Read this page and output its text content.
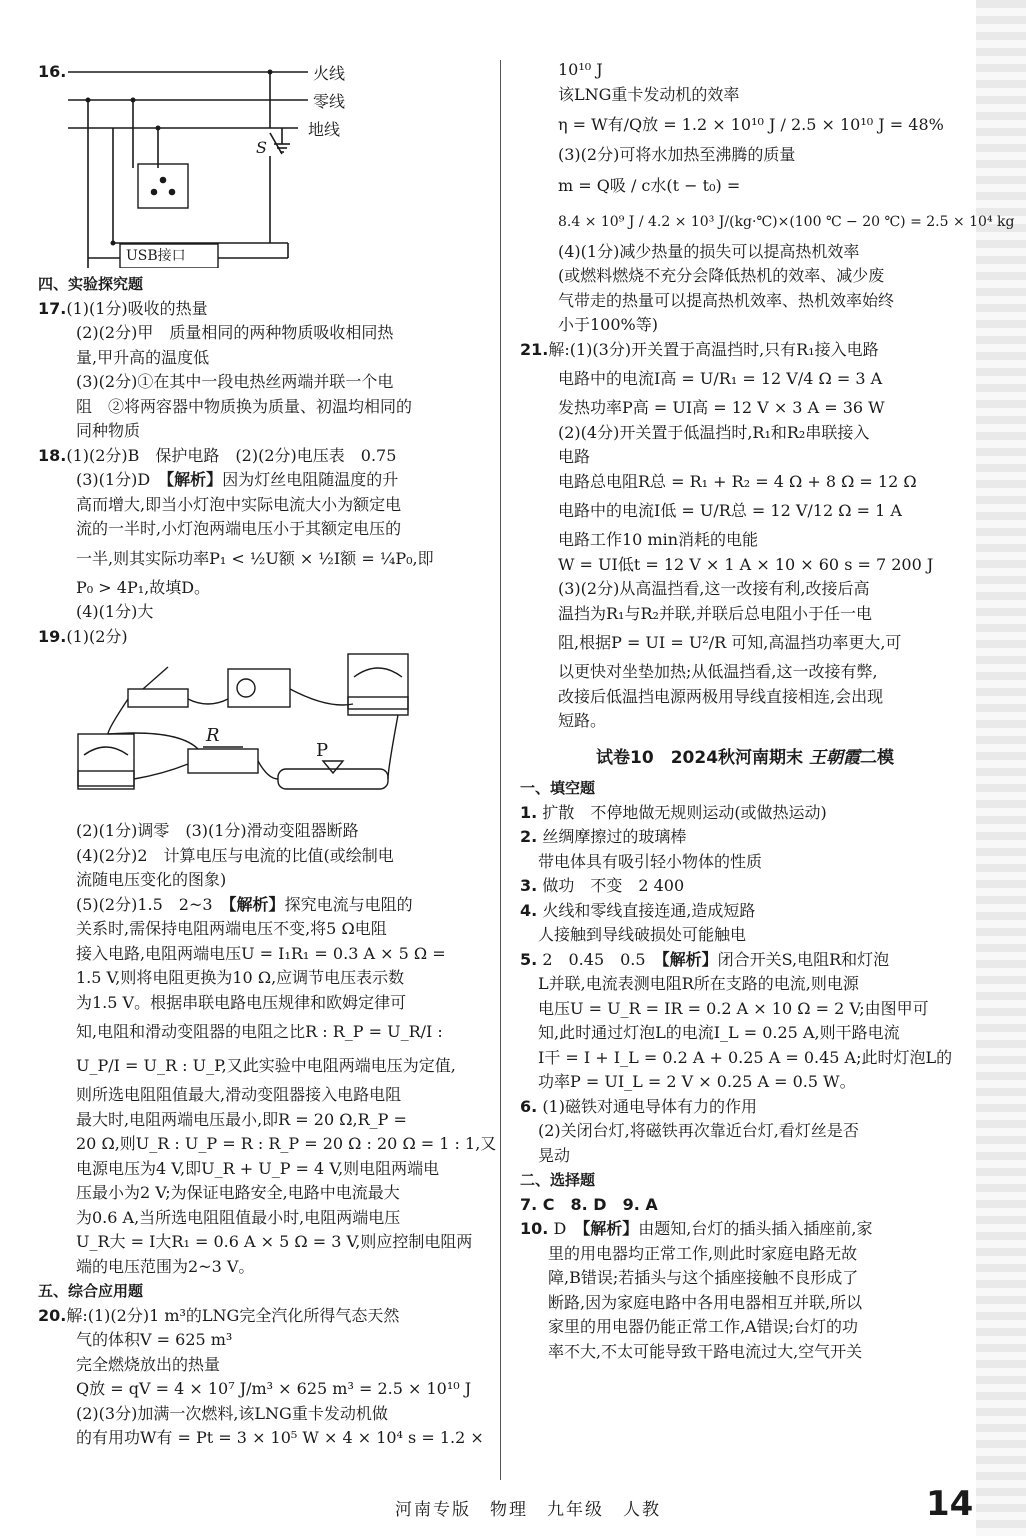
16.	火线
零线
地线
S
USB接口
四、实验探究题
17.(1)(1分)吸收的热量
(2)(2分)甲　质量相同的两种物质吸收相同热
量,甲升高的温度低
(3)(2分)①在其中一段电热丝两端并联一个电
阻　②将两容器中物质换为质量、初温均相同的
同种物质
18.(1)(2分)B　保护电路　(2)(2分)电压表　0.75
(3)(1分)D　【解析】因为灯丝电阻随温度的升
高而增大,即当小灯泡中实际电流大小为额定电
流的一半时,小灯泡两端电压小于其额定电压的
一半,则其实际功率P₁ < ½U额 × ½I额 = ¼P₀,即
P₀ > 4P₁,故填D。
(4)(1分)大
19.(1)(2分)
R
P
(2)(1分)调零　(3)(1分)滑动变阻器断路
(4)(2分)2　计算电压与电流的比值(或绘制电
流随电压变化的图象)
(5)(2分)1.5　2~3　【解析】探究电流与电阻的
关系时,需保持电阻两端电压不变,将5 Ω电阻
接入电路,电阻两端电压U = I₁R₁ = 0.3 A × 5 Ω =
1.5 V,则将电阻更换为10 Ω,应调节电压表示数
为1.5 V。根据串联电路电压规律和欧姆定律可
知,电阻和滑动变阻器的电阻之比R : R_P = U_R/I :
U_P/I = U_R : U_P,又此实验中电阻两端电压为定值,
则所选电阻阻值最大,滑动变阻器接入电路电阻
最大时,电阻两端电压最小,即R = 20 Ω,R_P =
20 Ω,则U_R : U_P = R : R_P = 20 Ω : 20 Ω = 1 : 1,又
电源电压为4 V,即U_R + U_P = 4 V,则电阻两端电
压最小为2 V;为保证电路安全,电路中电流最大
为0.6 A,当所选电阻阻值最小时,电阻两端电压
U_R大 = I大R₁ = 0.6 A × 5 Ω = 3 V,则应控制电阻两
端的电压范围为2~3 V。
五、综合应用题
20.解:(1)(2分)1 m³的LNG完全汽化所得气态天然
气的体积V = 625 m³
完全燃烧放出的热量
Q放 = qV = 4 × 10⁷ J/m³ × 625 m³ = 2.5 × 10¹⁰ J
(2)(3分)加满一次燃料,该LNG重卡发动机做
的有用功W有 = Pt = 3 × 10⁵ W × 4 × 10⁴ s = 1.2 ×
10¹⁰ J
该LNG重卡发动机的效率
η = W有/Q放 = 1.2 × 10¹⁰ J / 2.5 × 10¹⁰ J = 48%
(3)(2分)可将水加热至沸腾的质量
m = Q吸 / c水(t − t₀) =
8.4 × 10⁹ J / 4.2 × 10³ J/(kg·℃)×(100 ℃ − 20 ℃) = 2.5 × 10⁴ kg
(4)(1分)减少热量的损失可以提高热机效率
(或燃料燃烧不充分会降低热机的效率、减少废
气带走的热量可以提高热机效率、热机效率始终
小于100%等)
21.解:(1)(3分)开关置于高温挡时,只有R₁接入电路
电路中的电流I高 = U/R₁ = 12 V/4 Ω = 3 A
发热功率P高 = UI高 = 12 V × 3 A = 36 W
(2)(4分)开关置于低温挡时,R₁和R₂串联接入
电路
电路总电阻R总 = R₁ + R₂ = 4 Ω + 8 Ω = 12 Ω
电路中的电流I低 = U/R总 = 12 V/12 Ω = 1 A
电路工作10 min消耗的电能
W = UI低t = 12 V × 1 A × 10 × 60 s = 7 200 J
(3)(2分)从高温挡看,这一改接有利,改接后高
温挡为R₁与R₂并联,并联后总电阻小于任一电
阻,根据P = UI = U²/R 可知,高温挡功率更大,可
以更快对坐垫加热;从低温挡看,这一改接有弊,
改接后低温挡电源两极用导线直接相连,会出现
短路。
试卷10　2024秋河南期末 王朝霞二模
一、填空题
1. 扩散　不停地做无规则运动(或做热运动)
2. 丝绸摩擦过的玻璃棒
带电体具有吸引轻小物体的性质
3. 做功　不变　2 400
4. 火线和零线直接连通,造成短路
人接触到导线破损处可能触电
5. 2　0.45　0.5　【解析】闭合开关S,电阻R和灯泡
L并联,电流表测电阻R所在支路的电流,则电源
电压U = U_R = IR = 0.2 A × 10 Ω = 2 V;由图甲可
知,此时通过灯泡L的电流I_L = 0.25 A,则干路电流
I干 = I + I_L = 0.2 A + 0.25 A = 0.45 A;此时灯泡L的
功率P = UI_L = 2 V × 0.25 A = 0.5 W。
6. (1)磁铁对通电导体有力的作用
(2)关闭台灯,将磁铁再次靠近台灯,看灯丝是否
晃动
二、选择题
7. C　8. D　9. A
10. D　【解析】由题知,台灯的插头插入插座前,家
里的用电器均正常工作,则此时家庭电路无故
障,B错误;若插头与这个插座接触不良形成了
断路,因为家庭电路中各用电器相互并联,所以
家里的用电器仍能正常工作,A错误;台灯的功
率不大,不太可能导致干路电流过大,空气开关
河南专版　物理　九年级　人教	14
